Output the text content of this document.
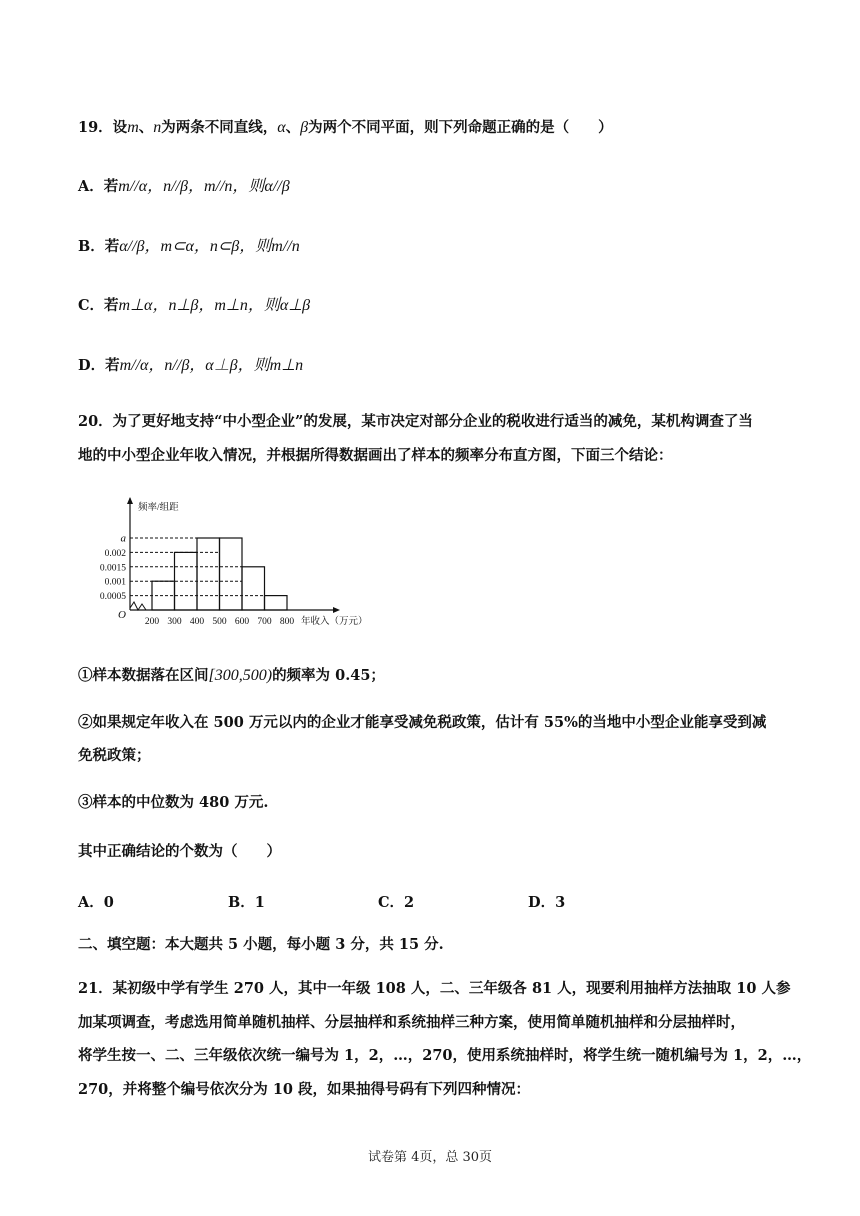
19．设m、n为两条不同直线，α、β为两个不同平面，则下列命题正确的是（　　）
A．若m//α，n//β，m//n，则α//β
B．若α//β，m⊂α，n⊂β，则m//n
C．若m⊥α，n⊥β，m⊥n，则α⊥β
D．若m//α，n//β，α⊥β，则m⊥n
20．为了更好地支持“中小型企业”的发展，某市决定对部分企业的税收进行适当的减免，某机构调查了当
地的中小型企业年收入情况，并根据所得数据画出了样本的频率分布直方图，下面三个结论：
频率/组距
O
0.0005
0.001
0.0015
0.002
a
200 300 400 500 600 700 800 年收入（万元）
①样本数据落在区间[300,500)的频率为 0.45；
②如果规定年收入在 500 万元以内的企业才能享受减免税政策，估计有 55%的当地中小型企业能享受到减
免税政策；
③样本的中位数为 480 万元.
其中正确结论的个数为（　　）
A．0	B．1	C．2	D．3
二、填空题：本大题共 5 小题，每小题 3 分，共 15 分.
21．某初级中学有学生 270 人，其中一年级 108 人，二、三年级各 81 人，现要利用抽样方法抽取 10 人参
加某项调查，考虑选用简单随机抽样、分层抽样和系统抽样三种方案，使用简单随机抽样和分层抽样时，
将学生按一、二、三年级依次统一编号为 1，2，…，270，使用系统抽样时，将学生统一随机编号为 1，2，…，
270，并将整个编号依次分为 10 段，如果抽得号码有下列四种情况：
试卷第 4页，总 30页
